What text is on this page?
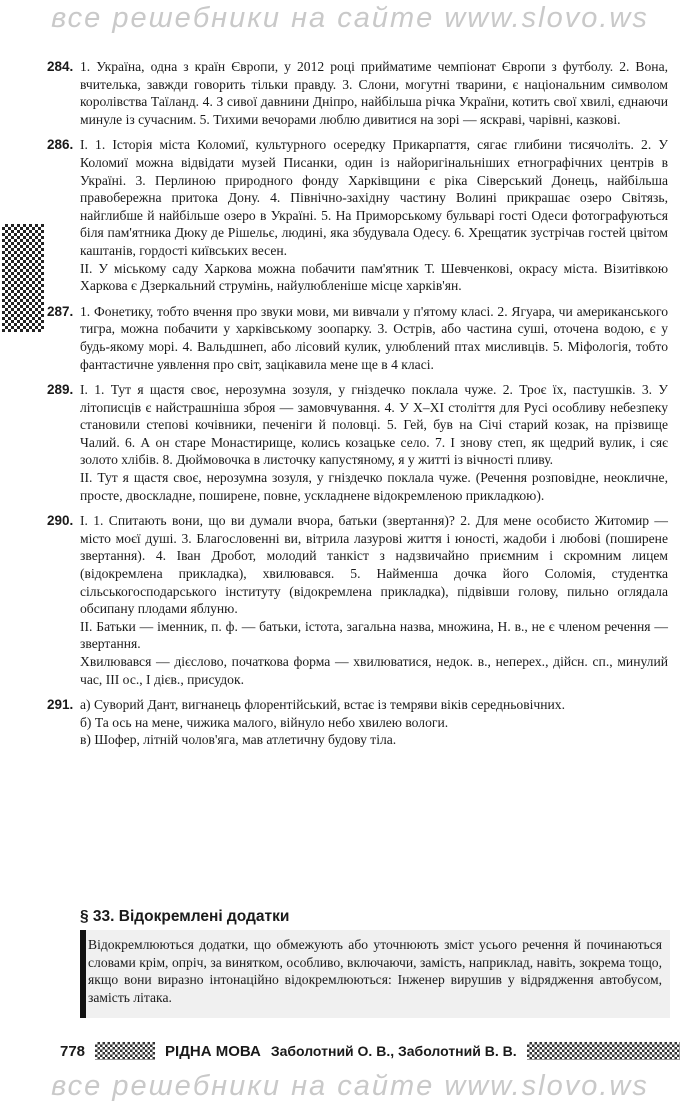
все решебники на сайте www.slovo.ws

284. 1. Україна, одна з країн Європи, у 2012 році прийматиме чемпіонат Європи з футболу. 2. Вона, вчителька, завжди говорить тільки правду. 3. Слони, могутні тварини, є національним символом королівства Таїланд. 4. З сивої давнини Дніпро, найбільша річка України, котить свої хвилі, єднаючи минуле із сучасним. 5. Тихими вечорами люблю дивитися на зорі — яскраві, чарівні, казкові.

286. І. 1. Історія міста Коломиї, культурного осередку Прикарпаття, сягає глибини тисячоліть. 2. У Коломиї можна відвідати музей Писанки, один із найоригінальніших етнографічних центрів в Україні. 3. Перлиною природного фонду Харківщини є ріка Сіверський Донець, найбільша правобережна притока Дону. 4. Північно-західну частину Волині прикрашає озеро Світязь, найглибше й найбільше озеро в Україні. 5. На Приморському бульварі гості Одеси фотографуються біля пам'ятника Дюку де Рішельє, людині, яка збудувала Одесу. 6. Хрещатик зустрічав гостей цвітом каштанів, гордості київських весен.

ІІ. У міському саду Харкова можна побачити пам'ятник Т. Шевченкові, окрасу міста. Візитівкою Харкова є Дзеркальний струмінь, найулюбленіше місце харків'ян.

287. 1. Фонетику, тобто вчення про звуки мови, ми вивчали у п'ятому класі. 2. Ягуара, чи американського тигра, можна побачити у харківському зоопарку. 3. Острів, або частина суші, оточена водою, є у будь-якому морі. 4. Вальдшнеп, або лісовий кулик, улюблений птах мисливців. 5. Міфологія, тобто фантастичне уявлення про світ, зацікавила мене ще в 4 класі.

289. І. 1. Тут я щастя своє, нерозумна зозуля, у гніздечко поклала чуже. 2. Троє їх, пастушків. 3. У літописців є найстрашніша зброя — замовчування. 4. У Х–ХІ століття для Русі особливу небезпеку становили степові кочівники, печеніги й половці. 5. Гей, був на Січі старий козак, на прізвище Чалий. 6. А он старе Монастирище, колись козацьке село. 7. І знову степ, як щедрий вулик, і сяє золото хлібів. 8. Дюймовочка в листочку капустяному, я у житті із вічності пливу.

ІІ. Тут я щастя своє, нерозумна зозуля, у гніздечко поклала чуже. (Речення розповідне, неокличне, просте, двоскладне, поширене, повне, ускладнене відокремленою прикладкою).

290. І. 1. Спитають вони, що ви думали вчора, батьки (звертання)? 2. Для мене особисто Житомир — місто моєї душі. 3. Благословенні ви, вітрила лазурові життя і юності, жадоби і любові (поширене звертання). 4. Іван Дробот, молодий танкіст з надзвичайно приємним і скромним лицем (відокремлена прикладка), хвилювався. 5. Найменша дочка його Соломія, студентка сільськогосподарського інституту (відокремлена прикладка), підвівши голову, пильно оглядала обсипану плодами яблуню.

ІІ. Батьки — іменник, п. ф. — батьки, істота, загальна назва, множина, Н. в., не є членом речення — звертання.

Хвилювався — дієслово, початкова форма — хвилюватися, недок. в., неперех., дійсн. сп., минулий час, ІІІ ос., І дієв., присудок.

291. а) Суворий Дант, вигнанець флорентійський, встає із темряви віків середньовічних.

б) Та ось на мене, чижика малого, війнуло небо хвилею вологи.

в) Шофер, літній чолов'яга, мав атлетичну будову тіла.

§ 33. Відокремлені додатки
Відокремлюються додатки, що обмежують або уточнюють зміст усього речення й починаються словами крім, опріч, за винятком, особливо, включаючи, замість, наприклад, навіть, зокрема тощо, якщо вони виразно інтонаційно відокремлюються: Інженер вирушив у відрядження автобусом, замість літака.
778	РІДНА МОВА Заболотний О. В., Заболотний В. В.
все решебники на сайте www.slovo.ws
